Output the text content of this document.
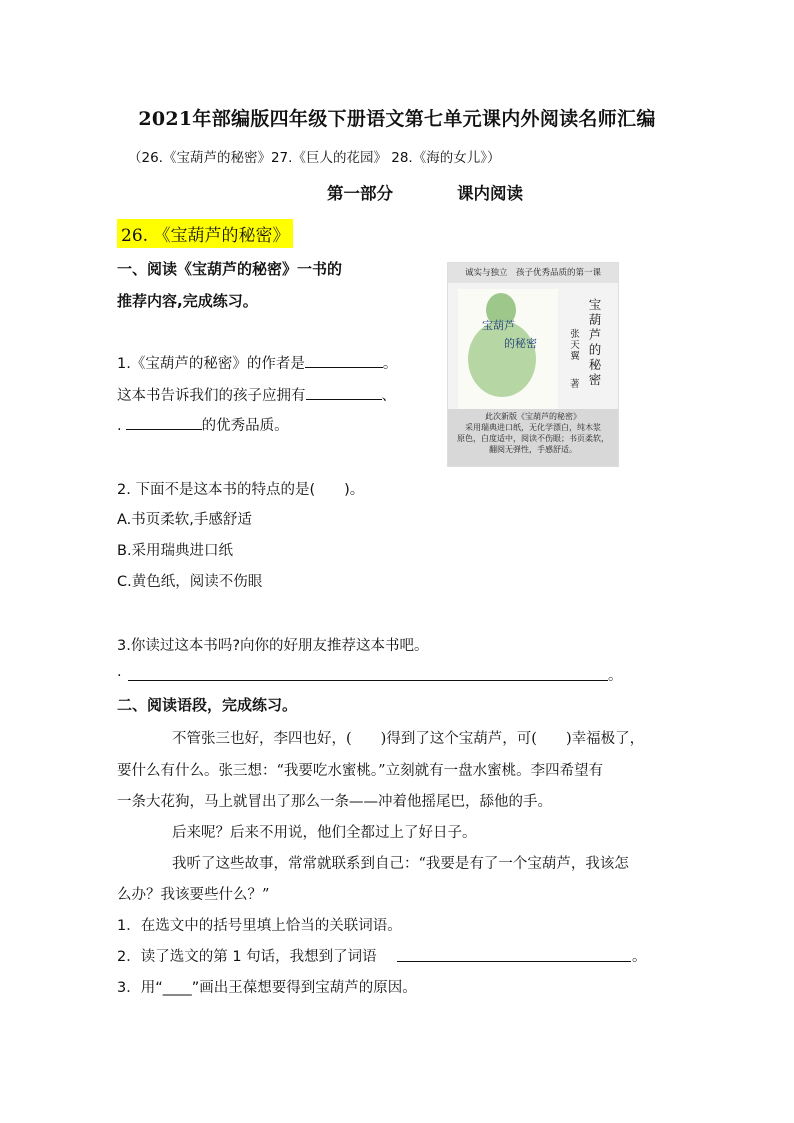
2021年部编版四年级下册语文第七单元课内外阅读名师汇编
（26.《宝葫芦的秘密》27.《巨人的花园》 28.《海的女儿》）
第一部分	课内阅读
26. 《宝葫芦的秘密》
一、阅读《宝葫芦的秘密》一书的
推荐内容,完成练习。
1.《宝葫芦的秘密》的作者是	。
这本书告诉我们的孩子应拥有	、
.	的优秀品质。
2. 下面不是这本书的特点的是(　　)。
A.书页柔软,手感舒适
B.采用瑞典进口纸
C.黄色纸，阅读不伤眼
3.你读过这本书吗?向你的好朋友推荐这本书吧。
.	。
诚实与独立　孩子优秀品质的第一课
宝葫芦
的秘密
宝葫芦的秘密
张天翼
著
此次新版《宝葫芦的秘密》
采用瑞典进口纸，无化学漂白，纯木浆
原色，白度适中，阅读不伤眼；书页柔软，
翻阅无弹性，手感舒适。
二、阅读语段，完成练习。
不管张三也好，李四也好，(　　)得到了这个宝葫芦，可(　　)幸福极了，
要什么有什么。张三想：“我要吃水蜜桃。”立刻就有一盘水蜜桃。李四希望有
一条大花狗，马上就冒出了那么一条——冲着他摇尾巴，舔他的手。
后来呢？后来不用说，他们全都过上了好日子。
我听了这些故事，常常就联系到自己：“我要是有了一个宝葫芦，我该怎
么办？我该要些什么？”
1．在选文中的括号里填上恰当的关联词语。
2．读了选文的第 1 句话，我想到了词语	。
3．用“____”画出王葆想要得到宝葫芦的原因。
